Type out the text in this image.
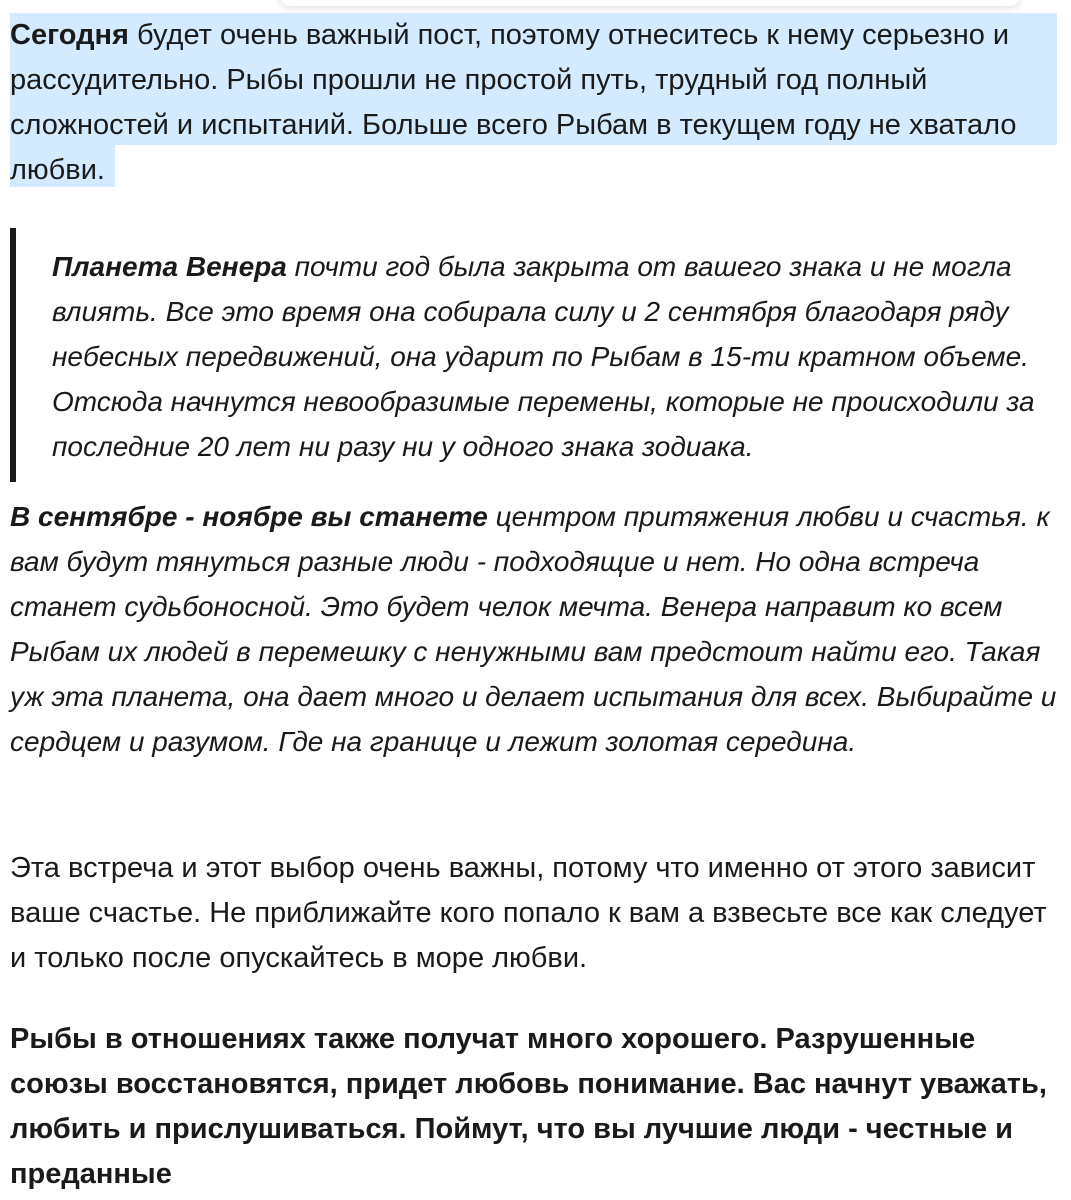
Сегодня будет очень важный пост, поэтому отнеситесь к нему серьезно и рассудительно. Рыбы прошли не простой путь, трудный год полный сложностей и испытаний. Больше всего Рыбам в текущем году не хватало любви.

Планета Венера почти год была закрыта от вашего знака и не могла влиять. Все это время она собирала силу и 2 сентября благодаря ряду небесных передвижений, она ударит по Рыбам в 15-ти кратном объеме. Отсюда начнутся невообразимые перемены, которые не происходили за последние 20 лет ни разу ни у одного знака зодиака.

В сентябре - ноябре вы станете центром притяжения любви и счастья. к вам будут тянуться разные люди - подходящие и нет. Но одна встреча станет судьбоносной. Это будет челок мечта. Венера направит ко всем Рыбам их людей в перемешку с ненужными вам предстоит найти его. Такая уж эта планета, она дает много и делает испытания для всех. Выбирайте и сердцем и разумом. Где на границе и лежит золотая середина.

Эта встреча и этот выбор очень важны, потому что именно от этого зависит ваше счастье. Не приближайте кого попало к вам а взвесьте все как следует и только после опускайтесь в море любви.

Рыбы в отношениях также получат много хорошего. Разрушенные союзы восстановятся, придет любовь понимание. Вас начнут уважать, любить и прислушиваться. Поймут, что вы лучшие люди - честные и преданные
